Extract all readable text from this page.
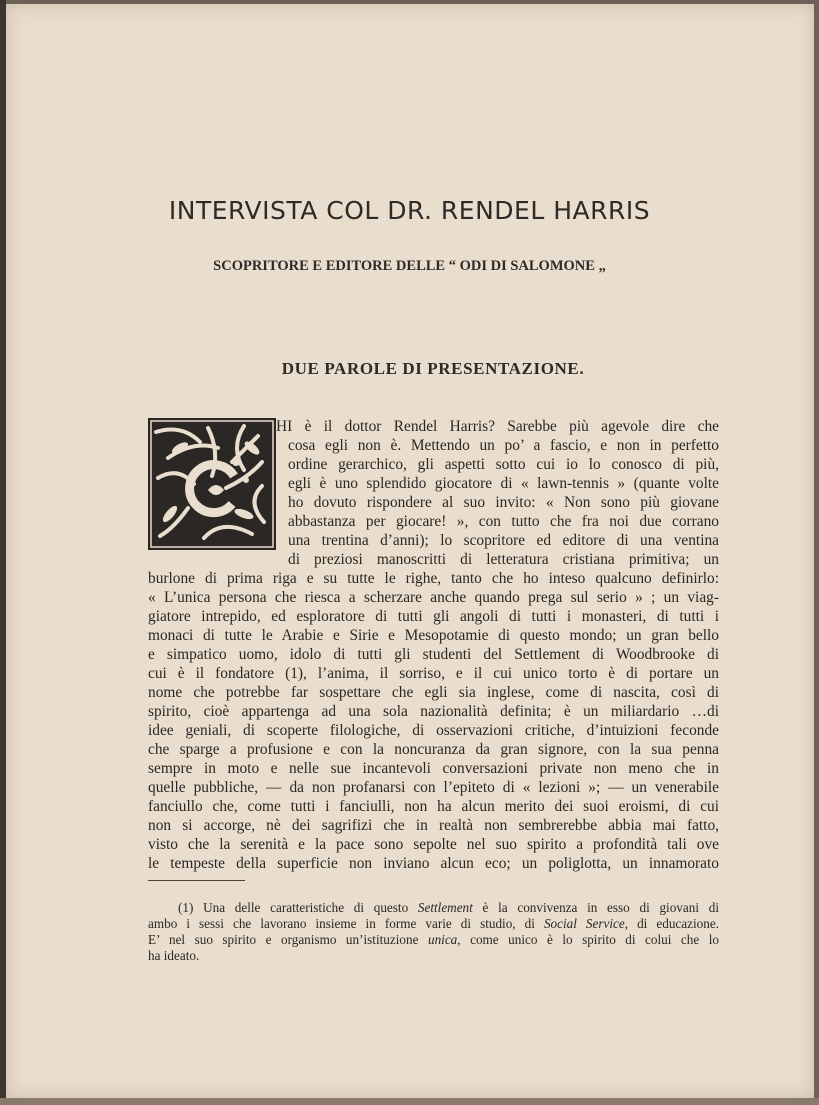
INTERVISTA COL DR. RENDEL HARRIS
SCOPRITORE E EDITORE DELLE “ ODI DI SALOMONE „
DUE PAROLE DI PRESENTAZIONE.
HI è il dottor Rendel Harris? Sarebbe più agevole dire che
cosa egli non è. Mettendo un po’ a fascio, e non in perfetto
ordine gerarchico, gli aspetti sotto cui io lo conosco di più,
egli è uno splendido giocatore di « lawn-tennis » (quante volte
ho dovuto rispondere al suo invito: « Non sono più giovane
abbastanza per giocare! », con tutto che fra noi due corrano
una trentina d’anni); lo scopritore ed editore di una ventina
di preziosi manoscritti di letteratura cristiana primitiva; un
burlone di prima riga e su tutte le righe, tanto che ho inteso qualcuno definirlo:
« L’unica persona che riesca a scherzare anche quando prega sul serio » ; un viag-
giatore intrepido, ed esploratore di tutti gli angoli di tutti i monasteri, di tutti i
monaci di tutte le Arabie e Sirie e Mesopotamie di questo mondo; un gran bello
e simpatico uomo, idolo di tutti gli studenti del Settlement di Woodbrooke di
cui è il fondatore (1), l’anima, il sorriso, e il cui unico torto è di portare un
nome che potrebbe far sospettare che egli sia inglese, come di nascita, così di
spirito, cioè appartenga ad una sola nazionalità definita; è un miliardario …di
idee geniali, di scoperte filologiche, di osservazioni critiche, d’intuizioni feconde
che sparge a profusione e con la noncuranza da gran signore, con la sua penna
sempre in moto e nelle sue incantevoli conversazioni private non meno che in
quelle pubbliche, — da non profanarsi con l’epiteto di « lezioni »; — un venerabile
fanciullo che, come tutti i fanciulli, non ha alcun merito dei suoi eroismi, di cui
non si accorge, nè dei sagrifizi che in realtà non sembrerebbe abbia mai fatto,
visto che la serenità e la pace sono sepolte nel suo spirito a profondità tali ove
le tempeste della superficie non inviano alcun eco; un poliglotta, un innamorato
(1) Una delle caratteristiche di questo Settlement è la convivenza in esso di giovani di
ambo i sessi che lavorano insieme in forme varie di studio, di Social Service, di educazione.
E’ nel suo spirito e organismo un’istituzione unica, come unico è lo spirito di colui che lo
ha ideato.
